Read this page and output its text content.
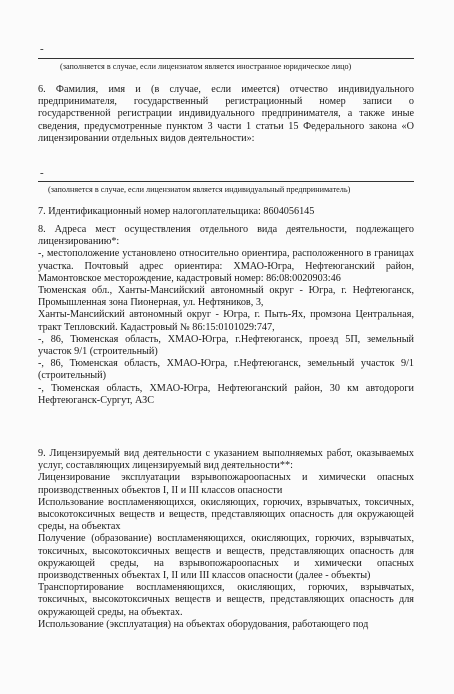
-
(заполняется в случае, если лицензиатом является иностранное юридическое лицо)

6. Фамилия, имя и (в случае, если имеется) отчество индивидуального предпринимателя, государственный регистрационный номер записи о государственной регистрации индивидуального предпринимателя, а также иные сведения, предусмотренные пунктом 3 части 1 статьи 15 Федерального закона «О лицензировании отдельных видов деятельности»:

-
(заполняется в случае, если лицензиатом является индивидуальный предприниматель)

7. Идентификационный номер налогоплательщика: 8604056145

8. Адреса мест осуществления отдельного вида деятельности, подлежащего лицензированию*:

-, местоположение установлено относительно ориентира, расположенного в границах участка. Почтовый адрес ориентира: ХМАО-Югра, Нефтеюганский район, Мамонтовское месторождение, кадастровый номер: 86:08:0020903:46

Тюменская обл., Ханты-Мансийский автономный округ - Югра, г. Нефтеюганск, Промышленная зона Пионерная, ул. Нефтяников, 3,

Ханты-Мансийский автономный округ - Югра, г. Пыть-Ях, промзона Центральная, тракт Тепловский. Кадастровый № 86:15:0101029:747,

-, 86, Тюменская область, ХМАО-Югра, г.Нефтеюганск, проезд 5П, земельный участок 9/1 (строительный)

-, 86, Тюменская область, ХМАО-Югра, г.Нефтеюганск, земельный участок 9/1 (строительный)

-, Тюменская область, ХМАО-Югра, Нефтеюганский район, 30 км автодороги Нефтеюганск-Сургут, АЗС

9. Лицензируемый вид деятельности с указанием выполняемых работ, оказываемых услуг, составляющих лицензируемый вид деятельности**:

Лицензирование эксплуатации взрывопожароопасных и химически опасных производственных объектов I, II и III классов опасности

Использование воспламеняющихся, окисляющих, горючих, взрывчатых, токсичных, высокотоксичных веществ и веществ, представляющих опасность для окружающей среды, на объектах

Получение (образование) воспламеняющихся, окисляющих, горючих, взрывчатых, токсичных, высокотоксичных веществ и веществ, представляющих опасность для окружающей среды, на взрывопожароопасных и химически опасных производственных объектах I, II или III классов опасности (далее - объекты)

Транспортирование воспламеняющихся, окисляющих, горючих, взрывчатых, токсичных, высокотоксичных веществ и веществ, представляющих опасность для окружающей среды, на объектах.

Использование (эксплуатация) на объектах оборудования, работающего под
